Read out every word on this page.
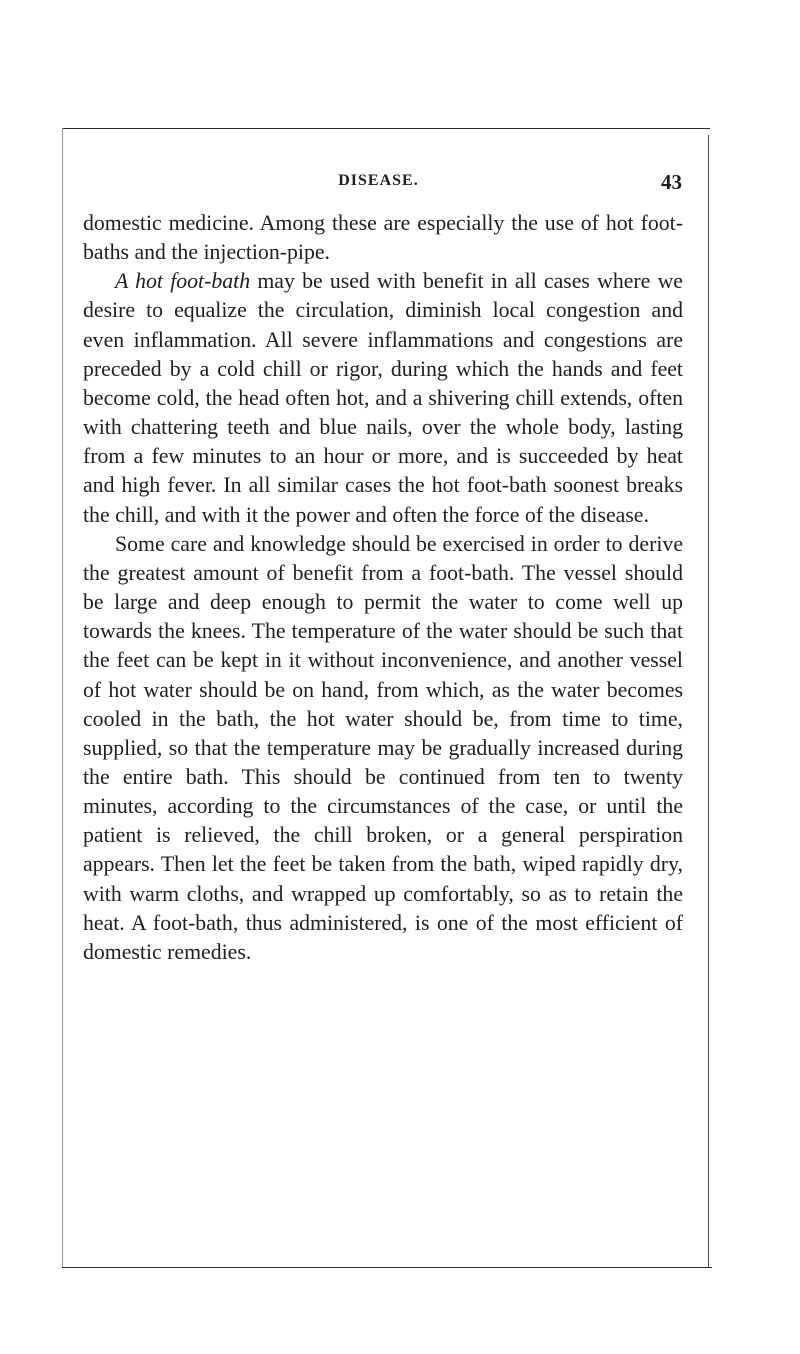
DISEASE.	43

domestic medicine. Among these are especially the use of hot foot-baths and the injection-pipe.

A hot foot-bath may be used with benefit in all cases where we desire to equalize the circulation, diminish local congestion and even inflammation. All severe inflammations and congestions are preceded by a cold chill or rigor, during which the hands and feet become cold, the head often hot, and a shivering chill extends, often with chattering teeth and blue nails, over the whole body, lasting from a few minutes to an hour or more, and is succeeded by heat and high fever. In all similar cases the hot foot-bath soonest breaks the chill, and with it the power and often the force of the disease.

Some care and knowledge should be exercised in order to derive the greatest amount of benefit from a foot-bath. The vessel should be large and deep enough to permit the water to come well up towards the knees. The temperature of the water should be such that the feet can be kept in it without inconvenience, and another vessel of hot water should be on hand, from which, as the water becomes cooled in the bath, the hot water should be, from time to time, supplied, so that the temperature may be gradually increased during the entire bath. This should be continued from ten to twenty minutes, according to the circumstances of the case, or until the patient is relieved, the chill broken, or a general perspiration appears. Then let the feet be taken from the bath, wiped rapidly dry, with warm cloths, and wrapped up comfortably, so as to retain the heat. A foot-bath, thus administered, is one of the most efficient of domestic remedies.
